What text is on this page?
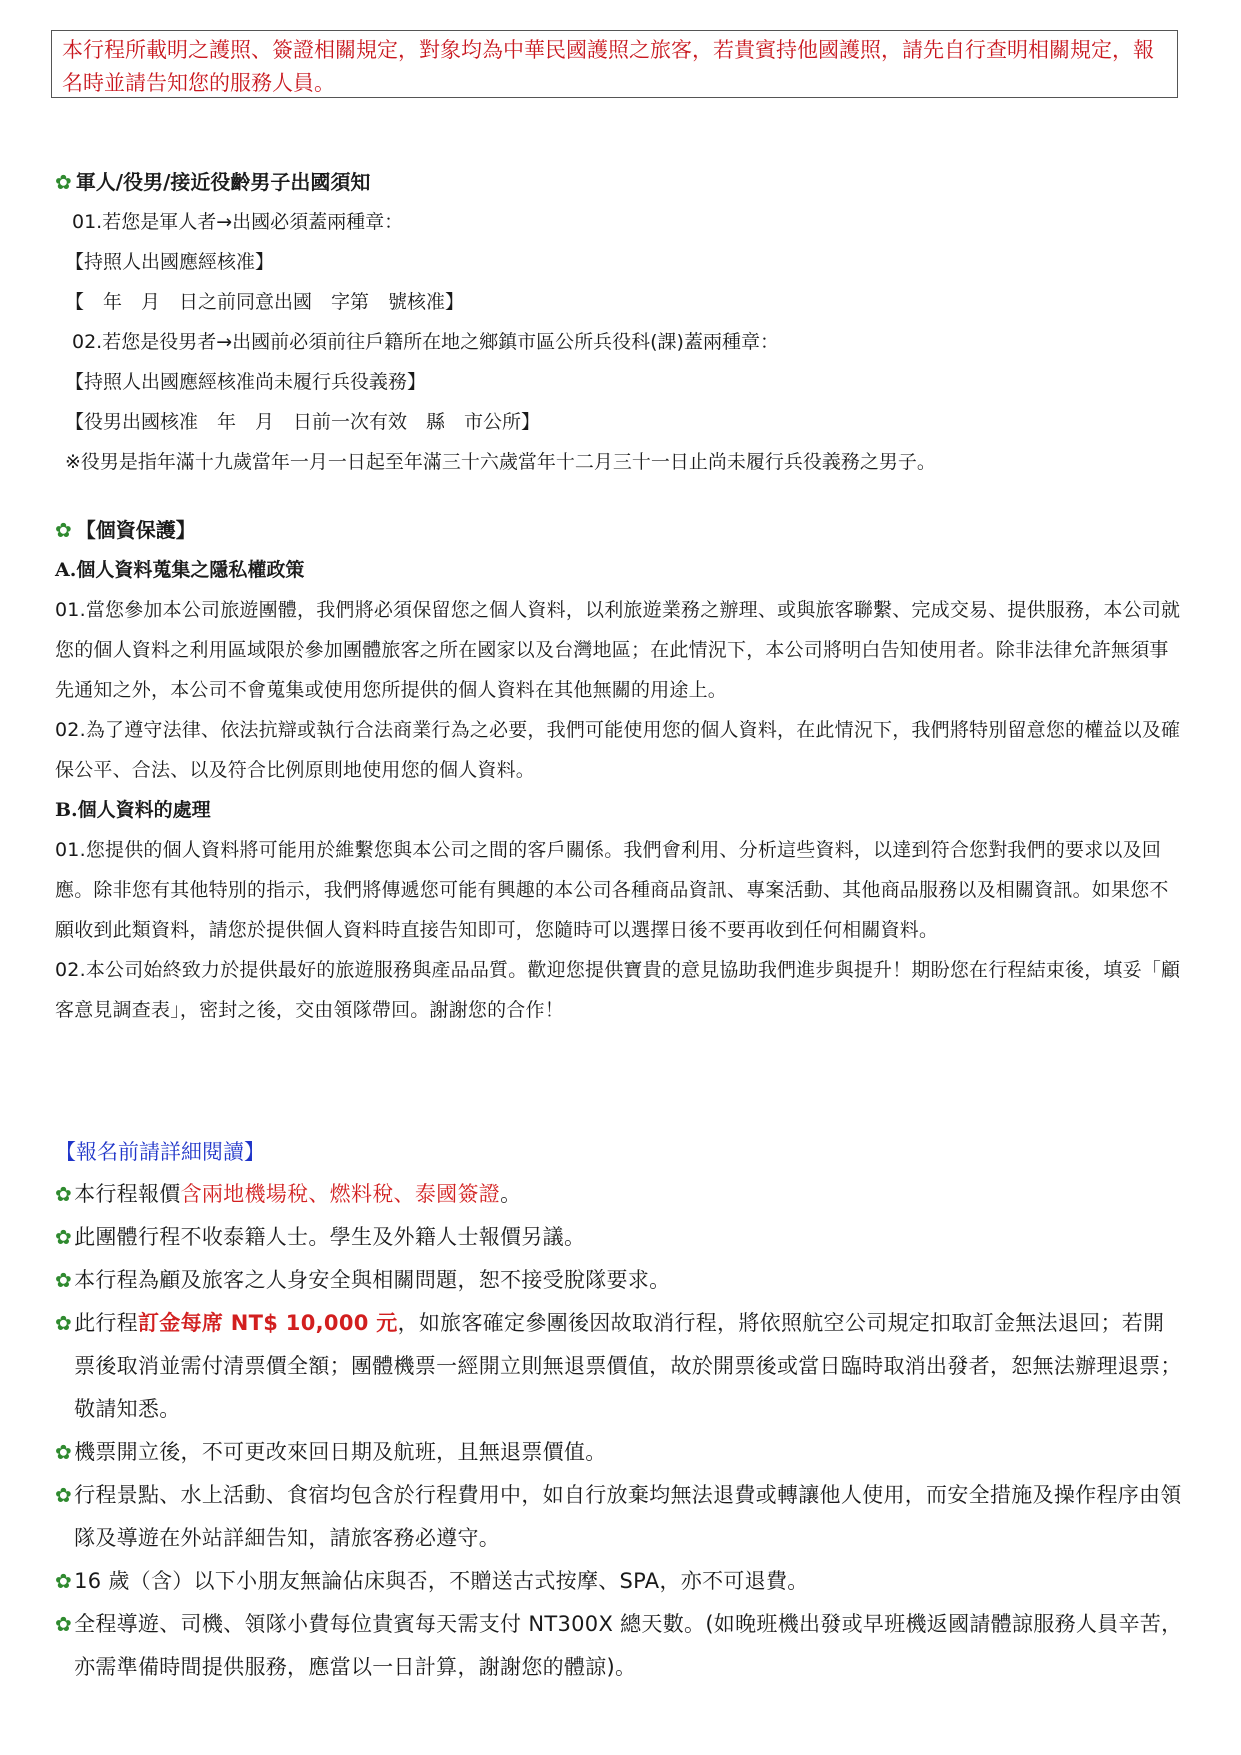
本行程所載明之護照、簽證相關規定，對象均為中華民國護照之旅客，若貴賓持他國護照，請先自行查明相關規定，報名時並請告知您的服務人員。
✿ 軍人/役男/接近役齡男子出國須知
01.若您是軍人者→出國必須蓋兩種章：
【持照人出國應經核准】
【　年　月　日之前同意出國　字第　號核准】
02.若您是役男者→出國前必須前往戶籍所在地之鄉鎮市區公所兵役科(課)蓋兩種章：
【持照人出國應經核准尚未履行兵役義務】
【役男出國核准　年　月　日前一次有效　縣　市公所】
※役男是指年滿十九歲當年一月一日起至年滿三十六歲當年十二月三十一日止尚未履行兵役義務之男子。
✿ 【個資保護】
A.個人資料蒐集之隱私權政策
01.當您參加本公司旅遊團體，我們將必須保留您之個人資料，以利旅遊業務之辦理、或與旅客聯繫、完成交易、提供服務，本公司就您的個人資料之利用區域限於參加團體旅客之所在國家以及台灣地區；在此情況下，本公司將明白告知使用者。除非法律允許無須事先通知之外，本公司不會蒐集或使用您所提供的個人資料在其他無關的用途上。
02.為了遵守法律、依法抗辯或執行合法商業行為之必要，我們可能使用您的個人資料，在此情況下，我們將特別留意您的權益以及確保公平、合法、以及符合比例原則地使用您的個人資料。
B.個人資料的處理
01.您提供的個人資料將可能用於維繫您與本公司之間的客戶關係。我們會利用、分析這些資料，以達到符合您對我們的要求以及回應。除非您有其他特別的指示，我們將傳遞您可能有興趣的本公司各種商品資訊、專案活動、其他商品服務以及相關資訊。如果您不願收到此類資料，請您於提供個人資料時直接告知即可，您隨時可以選擇日後不要再收到任何相關資料。
02.本公司始終致力於提供最好的旅遊服務與產品品質。歡迎您提供寶貴的意見協助我們進步與提升！期盼您在行程結束後，填妥「顧客意見調查表」，密封之後，交由領隊帶回。謝謝您的合作！
【報名前請詳細閱讀】
✿ 本行程報價含兩地機場稅、燃料稅、泰國簽證。
✿ 此團體行程不收泰籍人士。學生及外籍人士報價另議。
✿ 本行程為顧及旅客之人身安全與相關問題，恕不接受脫隊要求。
✿ 此行程訂金每席 NT$ 10,000 元，如旅客確定參團後因故取消行程，將依照航空公司規定扣取訂金無法退回；若開票後取消並需付清票價全額；團體機票一經開立則無退票價值，故於開票後或當日臨時取消出發者，恕無法辦理退票；敬請知悉。
✿ 機票開立後，不可更改來回日期及航班，且無退票價值。
✿ 行程景點、水上活動、食宿均包含於行程費用中，如自行放棄均無法退費或轉讓他人使用，而安全措施及操作程序由領隊及導遊在外站詳細告知，請旅客務必遵守。
✿ 16 歲（含）以下小朋友無論佔床與否，不贈送古式按摩、SPA，亦不可退費。
✿ 全程導遊、司機、領隊小費每位貴賓每天需支付 NT300X 總天數。(如晚班機出發或早班機返國請體諒服務人員辛苦，亦需準備時間提供服務，應當以一日計算，謝謝您的體諒)。
